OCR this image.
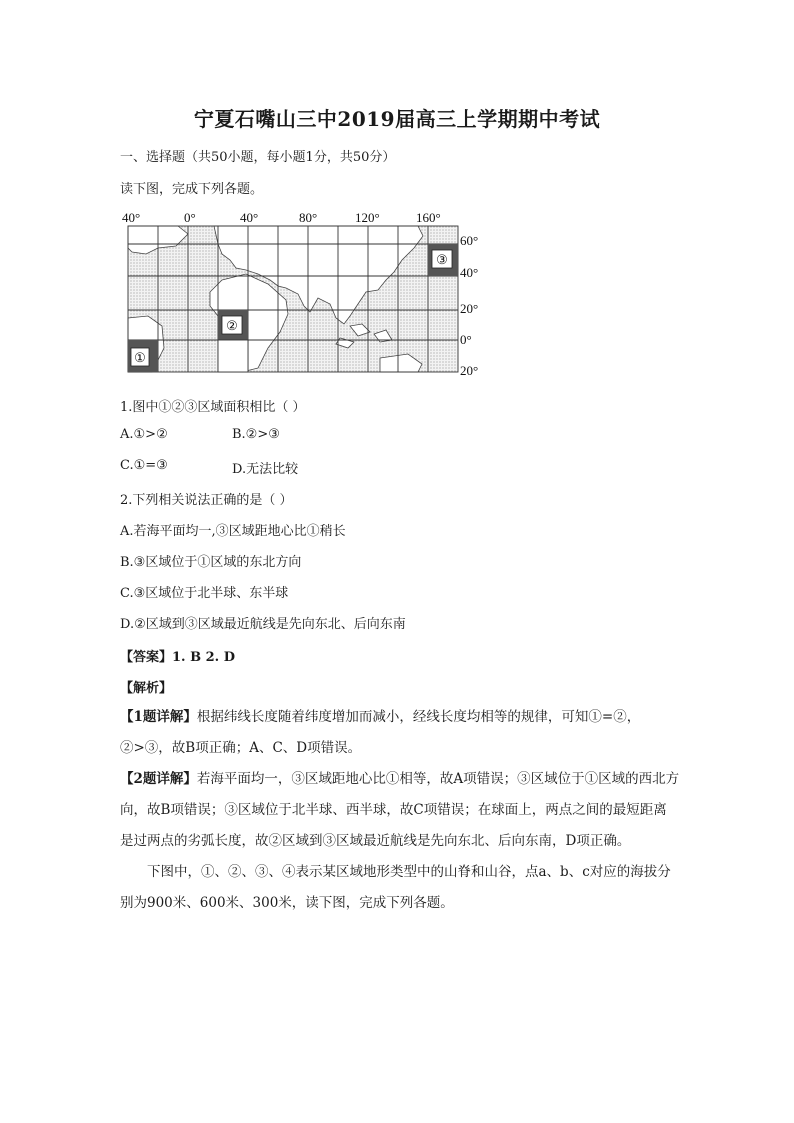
宁夏石嘴山三中2019届高三上学期期中考试
一、选择题（共50小题，每小题1分，共50分）
读下图，完成下列各题。
40°	0°	40°	80°	120°	160°
60°
40°
20°
0°
20°
①
②
③
1.图中①②③区域面积相比（ ）
A.①>②	B.②>③
C.①=③	D.无法比较
2.下列相关说法正确的是（ ）
A.若海平面均一,③区域距地心比①稍长
B.③区域位于①区域的东北方向
C.③区域位于北半球、东半球
D.②区域到③区域最近航线是先向东北、后向东南
【答案】1. B 2. D
【解析】
【1题详解】根据纬线长度随着纬度增加而减小，经线长度均相等的规律，可知①=②，②>③，故B项正确；A、C、D项错误。
【2题详解】若海平面均一，③区域距地心比①相等，故A项错误；③区域位于①区域的西北方向，故B项错误；③区域位于北半球、西半球，故C项错误；在球面上，两点之间的最短距离是过两点的劣弧长度，故②区域到③区域最近航线是先向东北、后向东南，D项正确。
下图中，①、②、③、④表示某区域地形类型中的山脊和山谷，点a、b、c对应的海拔分别为900米、600米、300米，读下图，完成下列各题。
